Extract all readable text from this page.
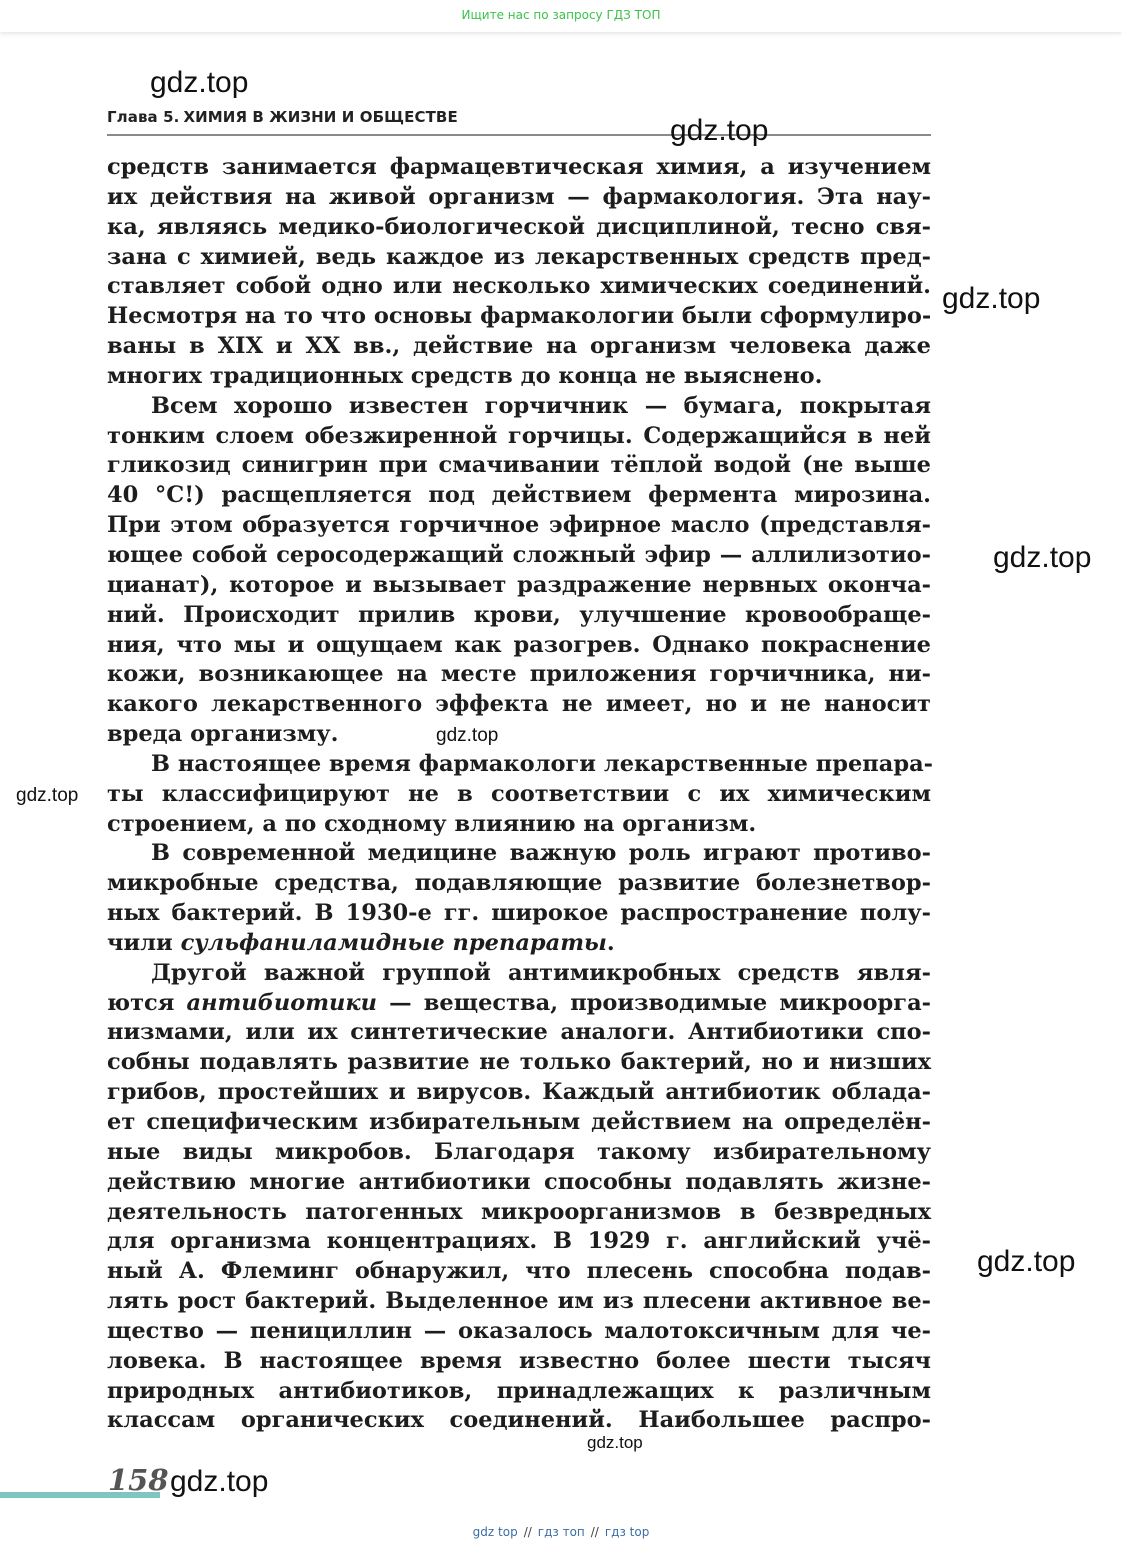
Ищите нас по запросу ГДЗ ТОП
Глава 5. ХИМИЯ В ЖИЗНИ И ОБЩЕСТВЕ
средств занимается фармацевтическая химия, а изучением
их действия на живой организм — фармакология. Эта нау-
ка, являясь медико-биологической дисциплиной, тесно свя-
зана с химией, ведь каждое из лекарственных средств пред-
ставляет собой одно или несколько химических соединений.
Несмотря на то что основы фармакологии были сформулиро-
ваны в XIX и XX вв., действие на организм человека даже
многих традиционных средств до конца не выяснено.
Всем хорошо известен горчичник — бумага, покрытая
тонким слоем обезжиренной горчицы. Содержащийся в ней
гликозид синигрин при смачивании тёплой водой (не выше
40 °C!) расщепляется под действием фермента мирозина.
При этом образуется горчичное эфирное масло (представля-
ющее собой серосодержащий сложный эфир — аллилизотио-
цианат), которое и вызывает раздражение нервных оконча-
ний. Происходит прилив крови, улучшение кровообраще-
ния, что мы и ощущаем как разогрев. Однако покраснение
кожи, возникающее на месте приложения горчичника, ни-
какого лекарственного эффекта не имеет, но и не наносит
вреда организму.
В настоящее время фармакологи лекарственные препара-
ты классифицируют не в соответствии с их химическим
строением, а по сходному влиянию на организм.
В современной медицине важную роль играют противо-
микробные средства, подавляющие развитие болезнетвор-
ных бактерий. В 1930-е гг. широкое распространение полу-
чили сульфаниламидные препараты.
Другой важной группой антимикробных средств явля-
ются антибиотики — вещества, производимые микроорга-
низмами, или их синтетические аналоги. Антибиотики спо-
собны подавлять развитие не только бактерий, но и низших
грибов, простейших и вирусов. Каждый антибиотик облада-
ет специфическим избирательным действием на определён-
ные виды микробов. Благодаря такому избирательному
действию многие антибиотики способны подавлять жизне-
деятельность патогенных микроорганизмов в безвредных
для организма концентрациях. В 1929 г. английский учё-
ный А. Флеминг обнаружил, что плесень способна подав-
лять рост бактерий. Выделенное им из плесени активное ве-
щество — пенициллин — оказалось малотоксичным для че-
ловека. В настоящее время известно более шести тысяч
природных антибиотиков, принадлежащих к различным
классам органических соединений. Наибольшее распро-
158
gdz.top
gdz.top
gdz.top
gdz.top
gdz.top
gdz.top
gdz.top
gdz.top
gdz.top
gdz top // гдз топ // гдз top
